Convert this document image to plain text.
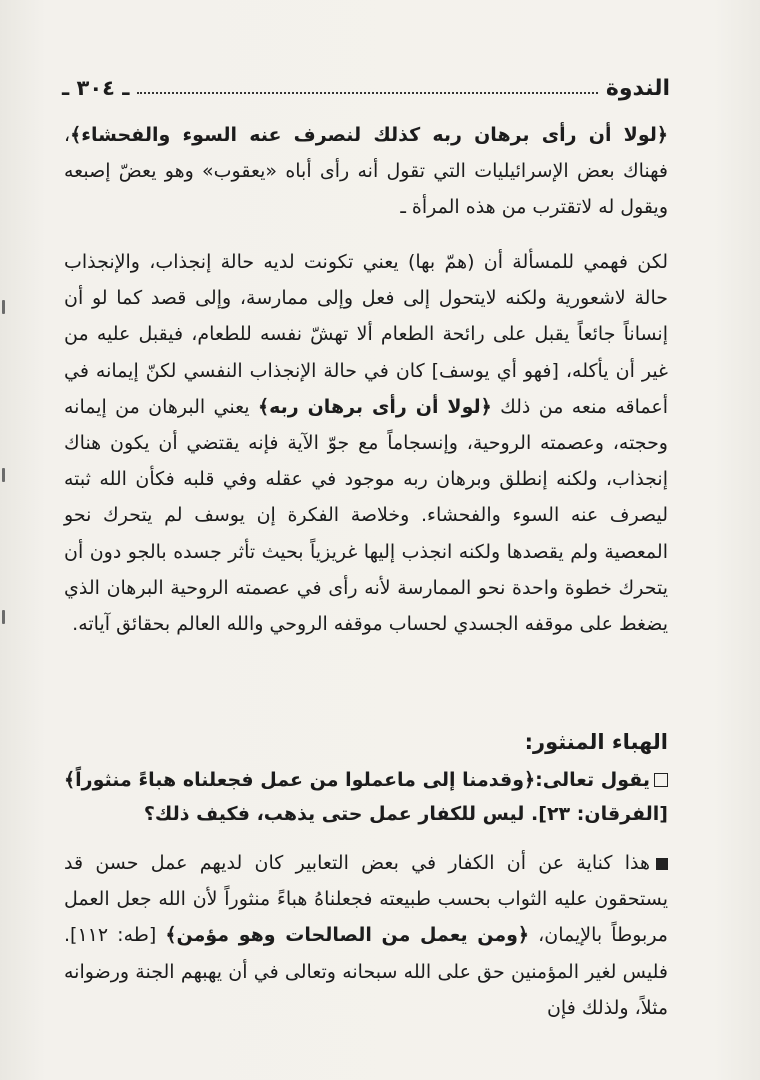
الندوة
ـ ٣٠٤ ـ

﴿لولا أن رأى برهان ربه كذلك لنصرف عنه السوء والفحشاء﴾، فهناك بعض الإسرائيليات التي تقول أنه رأى أباه «يعقوب» وهو يعضّ إصبعه ويقول له لاتقترب من هذه المرأة ـ

لكن فهمي للمسألة أن (همّ بها) يعني تكونت لديه حالة إنجذاب، والإنجذاب حالة لاشعورية ولكنه لايتحول إلى فعل وإلى ممارسة، وإلى قصد كما لو أن إنساناً جائعاً يقبل على رائحة الطعام ألا تهشّ نفسه للطعام، فيقبل عليه من غير أن يأكله، [فهو أي يوسف] كان في حالة الإنجذاب النفسي لكنّ إيمانه في أعماقه منعه من ذلك ﴿لولا أن رأى برهان ربه﴾ يعني البرهان من إيمانه وحجته، وعصمته الروحية، وإنسجاماً مع جوّ الآية فإنه يقتضي أن يكون هناك إنجذاب، ولكنه إنطلق وبرهان ربه موجود في عقله وفي قلبه فكأن الله ثبته ليصرف عنه السوء والفحشاء. وخلاصة الفكرة إن يوسف لم يتحرك نحو المعصية ولم يقصدها ولكنه انجذب إليها غريزياً بحيث تأثر جسده بالجو دون أن يتحرك خطوة واحدة نحو الممارسة لأنه رأى في عصمته الروحية البرهان الذي يضغط على موقفه الجسدي لحساب موقفه الروحي والله العالم بحقائق آياته.

الهباء المنثور:

يقول تعالى:﴿وقدمنا إلى ماعملوا من عمل فجعلناه هباءً منثوراً﴾ [الفرقان: ٢٣]. ليس للكفار عمل حتى يذهب، فكيف ذلك؟

هذا كناية عن أن الكفار في بعض التعابير كان لديهم عمل حسن قد يستحقون عليه الثواب بحسب طبيعته فجعلناهُ هباءً منثوراً لأن الله جعل العمل مربوطاً بالإيمان، ﴿ومن يعمل من الصالحات وهو مؤمن﴾ [طه: ١١٢]. فليس لغير المؤمنين حق على الله سبحانه وتعالى في أن يهبهم الجنة ورضوانه مثلاً، ولذلك فإن
